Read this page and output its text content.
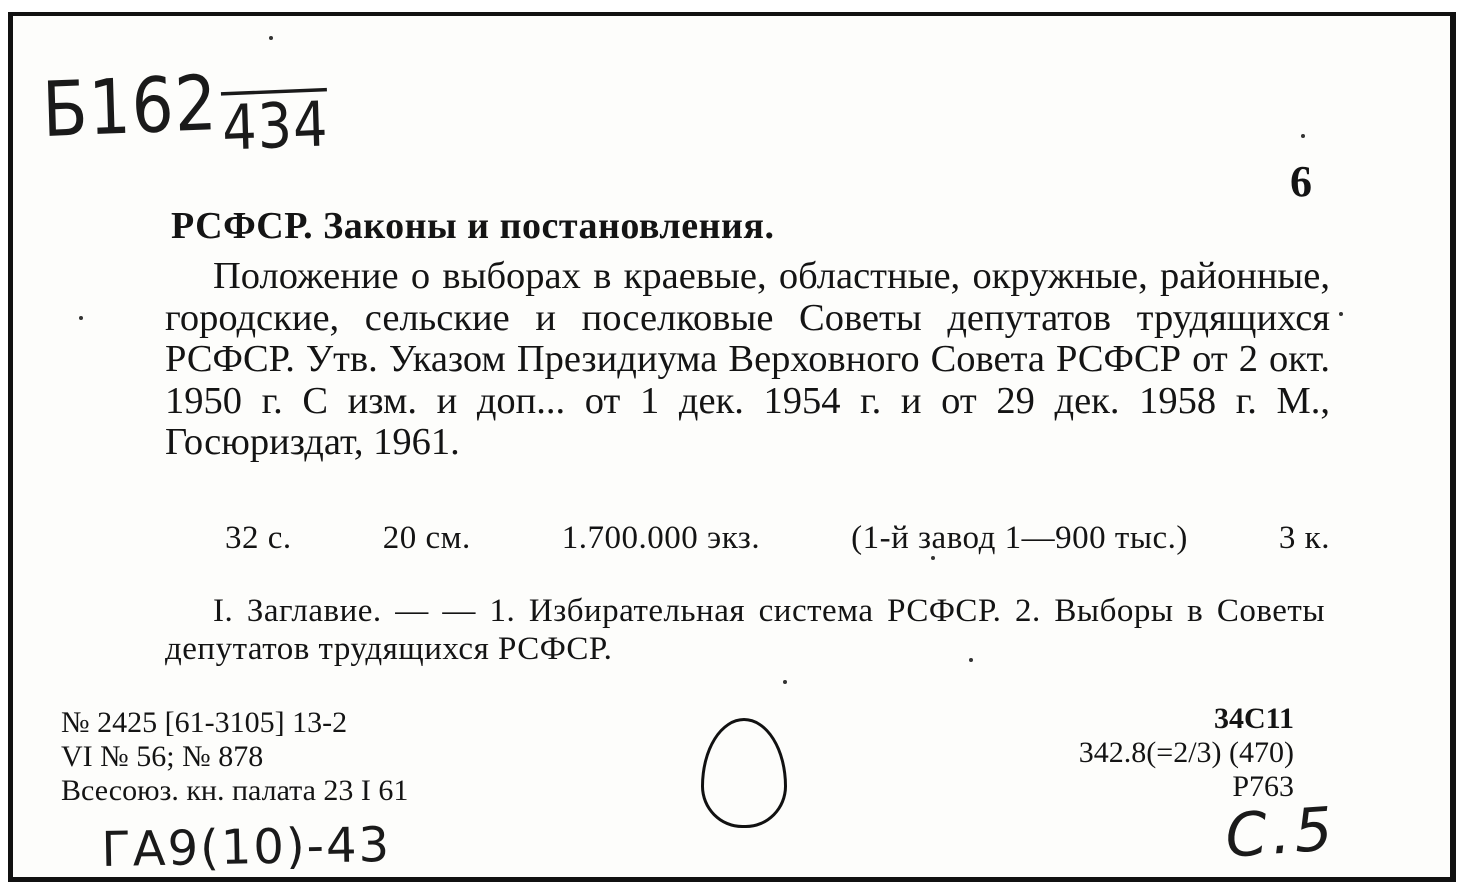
Б162434
6
РСФСР. Законы и постановления.
Положение о выборах в краевые, областные, окружные, районные, городские, сельские и поселковые Советы депутатов трудящихся РСФСР. Утв. Указом Президиума Верховного Совета РСФСР от 2 окт. 1950 г. С изм. и доп... от 1 дек. 1954 г. и от 29 дек. 1958 г. М., Госюриздат, 1961.
32 с.	20 см.	1.700.000 экз.	(1-й завод 1—900 тыс.)	3 к.
I. Заглавие. — — 1. Избирательная система РСФСР. 2. Выборы в Советы депутатов трудящихся РСФСР.
№ 2425 [61-3105] 13-2
VI № 56; № 878
Всесоюз. кн. палата 23 I 61
34С11
342.8(=2/3) (470)
Р763
ГА9(10)-43	С.5
